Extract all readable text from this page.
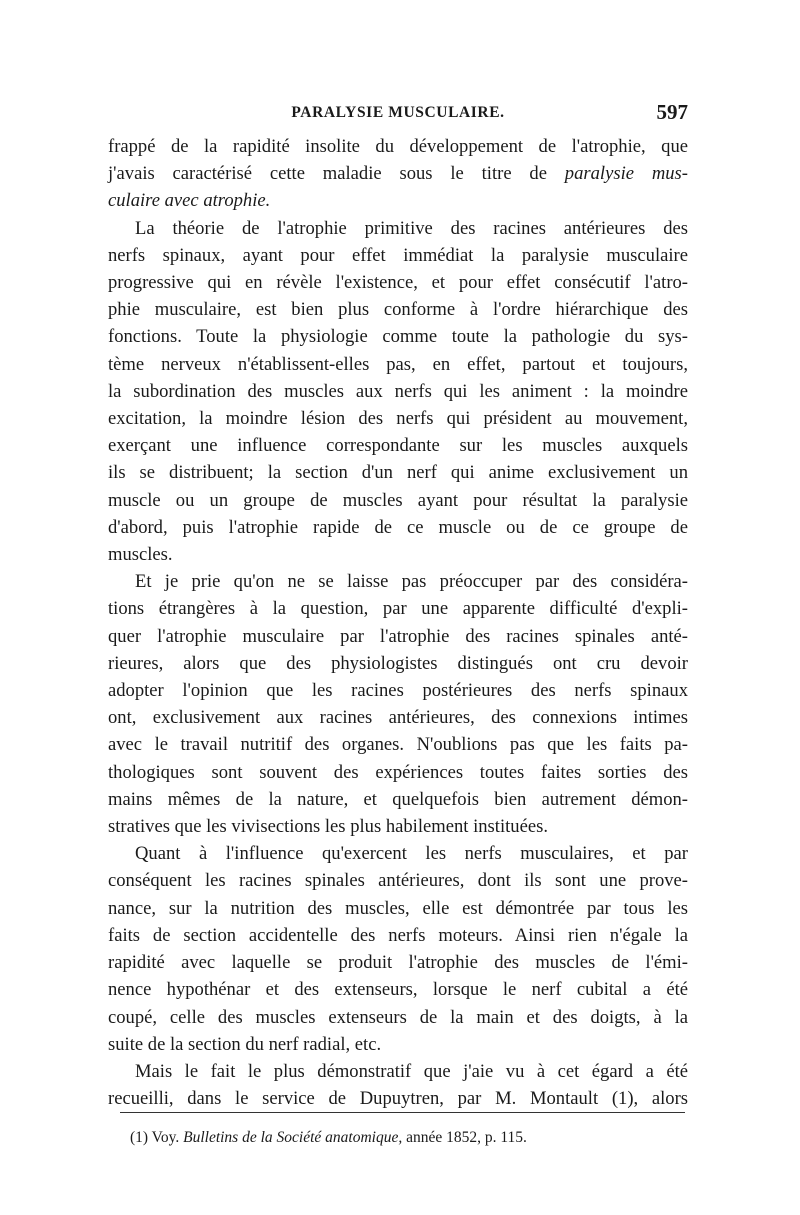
PARALYSIE MUSCULAIRE.	597
frappé de la rapidité insolite du développement de l'atrophie, que
j'avais caractérisé cette maladie sous le titre de paralysie mus-
culaire avec atrophie.
La théorie de l'atrophie primitive des racines antérieures des
nerfs spinaux, ayant pour effet immédiat la paralysie musculaire
progressive qui en révèle l'existence, et pour effet consécutif l'atro-
phie musculaire, est bien plus conforme à l'ordre hiérarchique des
fonctions. Toute la physiologie comme toute la pathologie du sys-
tème nerveux n'établissent-elles pas, en effet, partout et toujours,
la subordination des muscles aux nerfs qui les animent : la moindre
excitation, la moindre lésion des nerfs qui président au mouvement,
exerçant une influence correspondante sur les muscles auxquels
ils se distribuent; la section d'un nerf qui anime exclusivement un
muscle ou un groupe de muscles ayant pour résultat la paralysie
d'abord, puis l'atrophie rapide de ce muscle ou de ce groupe de
muscles.
Et je prie qu'on ne se laisse pas préoccuper par des considéra-
tions étrangères à la question, par une apparente difficulté d'expli-
quer l'atrophie musculaire par l'atrophie des racines spinales anté-
rieures, alors que des physiologistes distingués ont cru devoir
adopter l'opinion que les racines postérieures des nerfs spinaux
ont, exclusivement aux racines antérieures, des connexions intimes
avec le travail nutritif des organes. N'oublions pas que les faits pa-
thologiques sont souvent des expériences toutes faites sorties des
mains mêmes de la nature, et quelquefois bien autrement démon-
stratives que les vivisections les plus habilement instituées.
Quant à l'influence qu'exercent les nerfs musculaires, et par
conséquent les racines spinales antérieures, dont ils sont une prove-
nance, sur la nutrition des muscles, elle est démontrée par tous les
faits de section accidentelle des nerfs moteurs. Ainsi rien n'égale la
rapidité avec laquelle se produit l'atrophie des muscles de l'émi-
nence hypothénar et des extenseurs, lorsque le nerf cubital a été
coupé, celle des muscles extenseurs de la main et des doigts, à la
suite de la section du nerf radial, etc.
Mais le fait le plus démonstratif que j'aie vu à cet égard a été
recueilli, dans le service de Dupuytren, par M. Montault (1), alors
(1) Voy. Bulletins de la Société anatomique, année 1852, p. 115.
